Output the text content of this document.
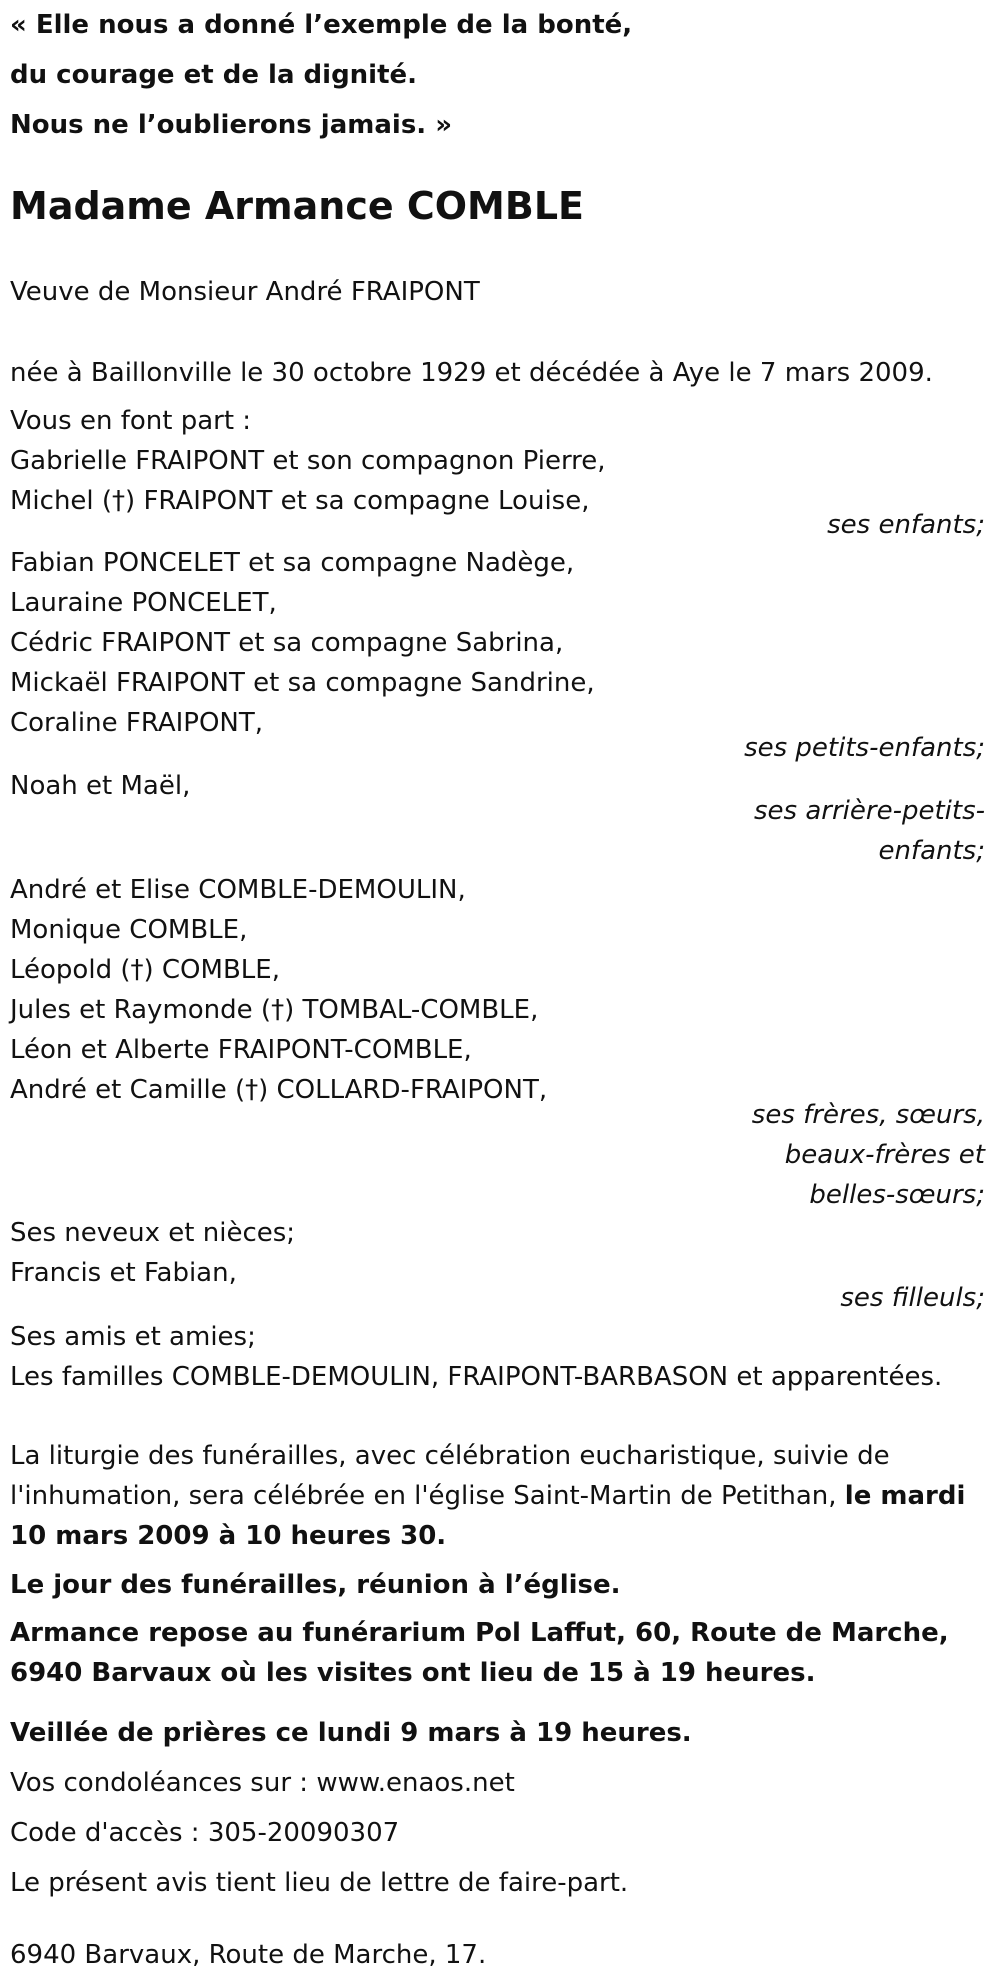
« Elle nous a donné l’exemple de la bonté,
du courage et de la dignité.
Nous ne l’oublierons jamais. »
Madame Armance COMBLE
Veuve de Monsieur André FRAIPONT
née à Baillonville le 30 octobre 1929 et décédée à Aye le 7 mars 2009.
Vous en font part :
Gabrielle FRAIPONT et son compagnon Pierre,
Michel (†) FRAIPONT et sa compagne Louise,
ses enfants;
Fabian PONCELET et sa compagne Nadège,
Lauraine PONCELET,
Cédric FRAIPONT et sa compagne Sabrina,
Mickaël FRAIPONT et sa compagne Sandrine,
Coraline FRAIPONT,
ses petits-enfants;
Noah et Maël,
ses arrière-petits-
enfants;
André et Elise COMBLE-DEMOULIN,
Monique COMBLE,
Léopold (†) COMBLE,
Jules et Raymonde (†) TOMBAL-COMBLE,
Léon et Alberte FRAIPONT-COMBLE,
André et Camille (†) COLLARD-FRAIPONT,
ses frères, sœurs,
beaux-frères et
belles-sœurs;
Ses neveux et nièces;
Francis et Fabian,
ses filleuls;
Ses amis et amies;
Les familles COMBLE-DEMOULIN, FRAIPONT-BARBASON et apparentées.
La liturgie des funérailles, avec célébration eucharistique, suivie de l'inhumation, sera célébrée en l'église Saint-Martin de Petithan, le mardi 10 mars 2009 à 10 heures 30.
Le jour des funérailles, réunion à l’église.
Armance repose au funérarium Pol Laffut, 60, Route de Marche, 6940 Barvaux où les visites ont lieu de 15 à 19 heures.
Veillée de prières ce lundi 9 mars à 19 heures.
Vos condoléances sur : www.enaos.net
Code d'accès : 305-20090307
Le présent avis tient lieu de lettre de faire-part.
6940 Barvaux, Route de Marche, 17.
